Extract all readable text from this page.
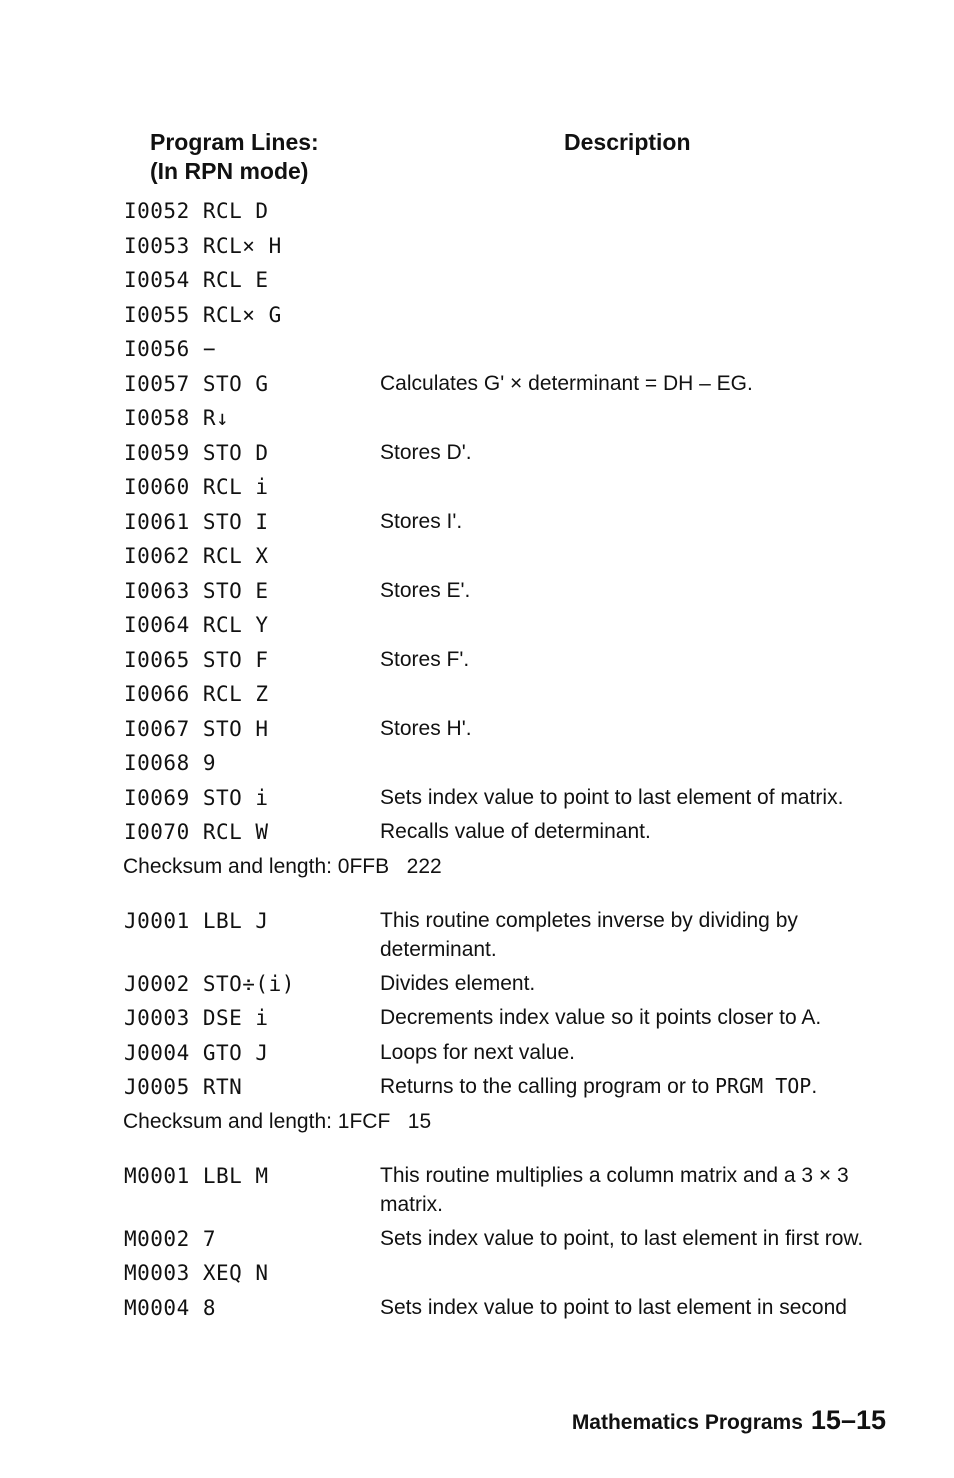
Program Lines:
(In RPN mode)
Description
I0052 RCL D
I0053 RCL× H
I0054 RCL E
I0055 RCL× G
I0056 −
I0057 STO G	Calculates G' × determinant = DH – EG.
I0058 R↓
I0059 STO D	Stores D'.
I0060 RCL i
I0061 STO I	Stores I'.
I0062 RCL X
I0063 STO E	Stores E'.
I0064 RCL Y
I0065 STO F	Stores F'.
I0066 RCL Z
I0067 STO H	Stores H'.
I0068 9
I0069 STO i	Sets index value to point to last element of matrix.
I0070 RCL W	Recalls value of determinant.
Checksum and length: 0FFB   222
J0001 LBL J	This routine completes inverse by dividing by determinant.
J0002 STO÷(i)	Divides element.
J0003 DSE i	Decrements index value so it points closer to A.
J0004 GTO J	Loops for next value.
J0005 RTN	Returns to the calling program or to PRGM TOP.
Checksum and length: 1FCF   15
M0001 LBL M	This routine multiplies a column matrix and a 3 × 3 matrix.
M0002 7	Sets index value to point, to last element in first row.
M0003 XEQ N
M0004 8	Sets index value to point to last element in second
Mathematics Programs 15–15
